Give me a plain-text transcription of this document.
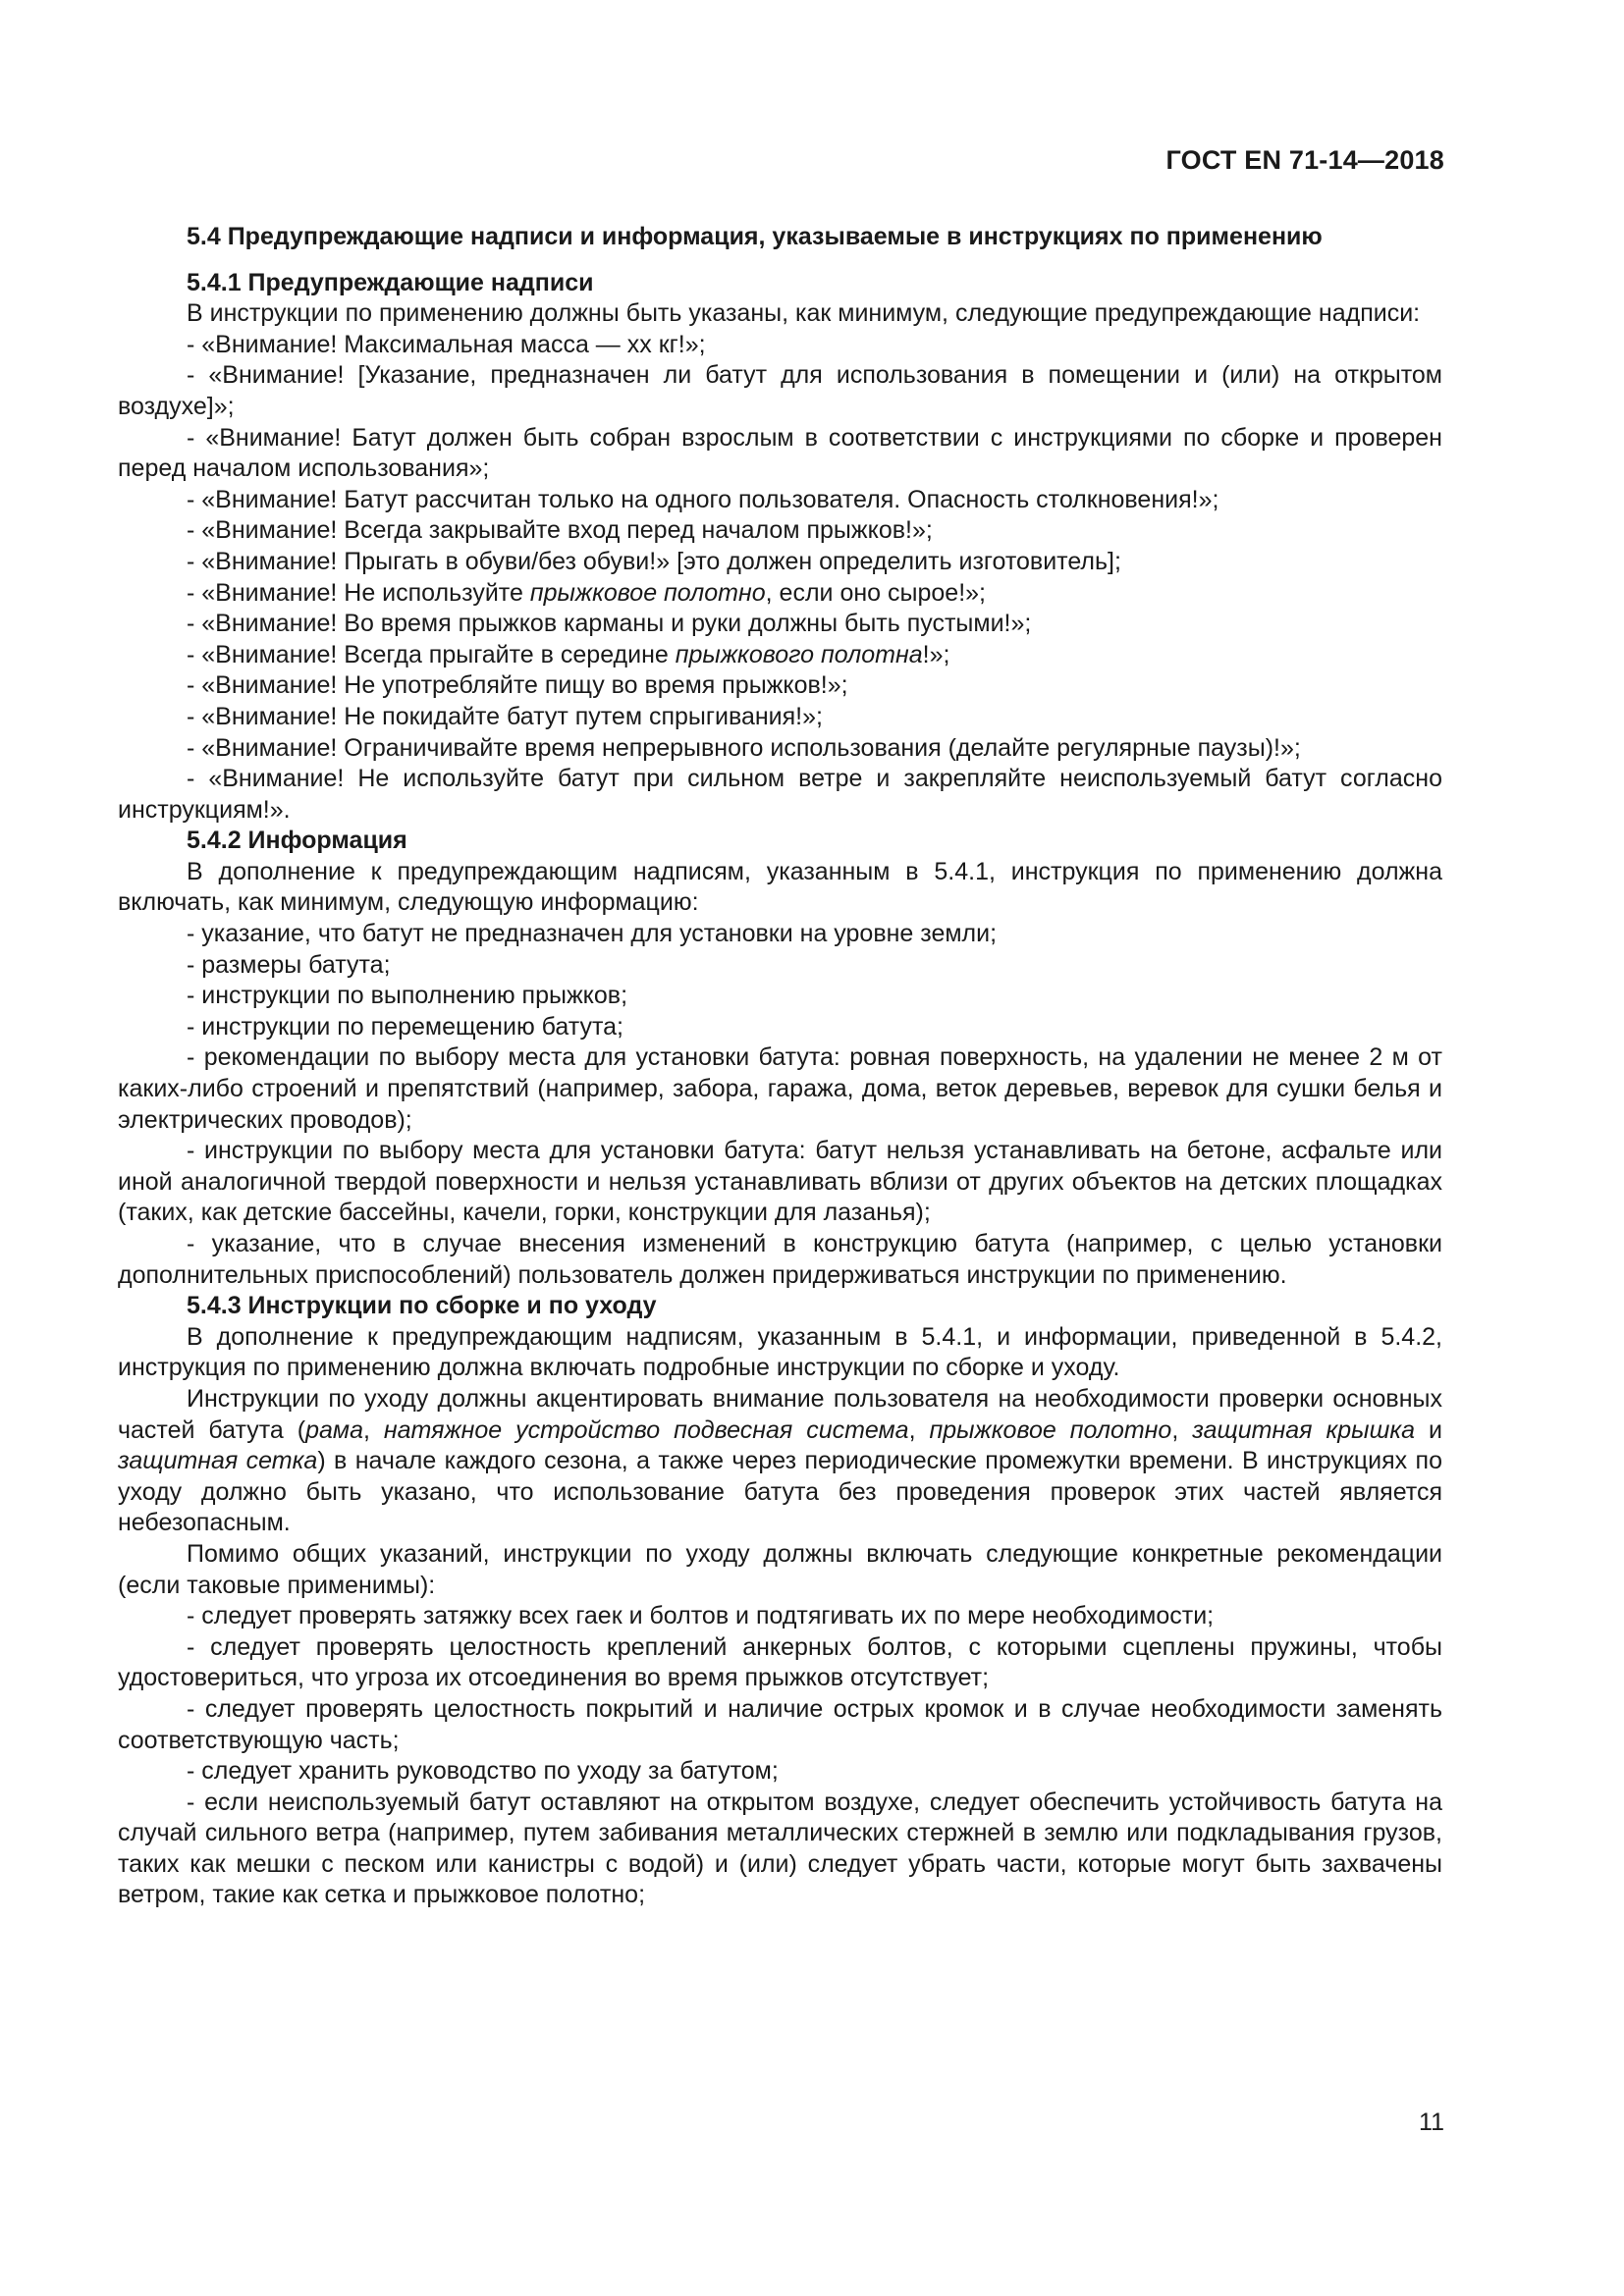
ГОСТ EN 71-14—2018

5.4 Предупреждающие надписи и информация, указываемые в инструкциях по применению

5.4.1 Предупреждающие надписи

В инструкции по применению должны быть указаны, как минимум, следующие предупреждающие надписи:

- «Внимание! Максимальная масса — хх кг!»;

- «Внимание! [Указание, предназначен ли батут для использования в помещении и (или) на открытом воздухе]»;

- «Внимание! Батут должен быть собран взрослым в соответствии с инструкциями по сборке и проверен перед началом использования»;

- «Внимание! Батут рассчитан только на одного пользователя. Опасность столкновения!»;

- «Внимание! Всегда закрывайте вход перед началом прыжков!»;

- «Внимание! Прыгать в обуви/без обуви!» [это должен определить изготовитель];

- «Внимание! Не используйте прыжковое полотно, если оно сырое!»;

- «Внимание! Во время прыжков карманы и руки должны быть пустыми!»;

- «Внимание! Всегда прыгайте в середине прыжкового полотна!»;

- «Внимание! Не употребляйте пищу во время прыжков!»;

- «Внимание! Не покидайте батут путем спрыгивания!»;

- «Внимание! Ограничивайте время непрерывного использования (делайте регулярные паузы)!»;

- «Внимание! Не используйте батут при сильном ветре и закрепляйте неиспользуемый батут согласно инструкциям!».

5.4.2 Информация

В дополнение к предупреждающим надписям, указанным в 5.4.1, инструкция по применению должна включать, как минимум, следующую информацию:

- указание, что батут не предназначен для установки на уровне земли;

- размеры батута;

- инструкции по выполнению прыжков;

- инструкции по перемещению батута;

- рекомендации по выбору места для установки батута: ровная поверхность, на удалении не менее 2 м от каких-либо строений и препятствий (например, забора, гаража, дома, веток деревьев, веревок для сушки белья и электрических проводов);

- инструкции по выбору места для установки батута: батут нельзя устанавливать на бетоне, асфальте или иной аналогичной твердой поверхности и нельзя устанавливать вблизи от других объектов на детских площадках (таких, как детские бассейны, качели, горки, конструкции для лазанья);

- указание, что в случае внесения изменений в конструкцию батута (например, с целью установки дополнительных приспособлений) пользователь должен придерживаться инструкции по применению.

5.4.3 Инструкции по сборке и по уходу

В дополнение к предупреждающим надписям, указанным в 5.4.1, и информации, приведенной в 5.4.2, инструкция по применению должна включать подробные инструкции по сборке и уходу.

Инструкции по уходу должны акцентировать внимание пользователя на необходимости проверки основных частей батута (рама, натяжное устройство подвесная система, прыжковое полотно, защитная крышка и защитная сетка) в начале каждого сезона, а также через периодические промежутки времени. В инструкциях по уходу должно быть указано, что использование батута без проведения проверок этих частей является небезопасным.

Помимо общих указаний, инструкции по уходу должны включать следующие конкретные рекомендации (если таковые применимы):

- следует проверять затяжку всех гаек и болтов и подтягивать их по мере необходимости;

- следует проверять целостность креплений анкерных болтов, с которыми сцеплены пружины, чтобы удостовериться, что угроза их отсоединения во время прыжков отсутствует;

- следует проверять целостность покрытий и наличие острых кромок и в случае необходимости заменять соответствующую часть;

- следует хранить руководство по уходу за батутом;

- если неиспользуемый батут оставляют на открытом воздухе, следует обеспечить устойчивость батута на случай сильного ветра (например, путем забивания металлических стержней в землю или подкладывания грузов, таких как мешки с песком или канистры с водой) и (или) следует убрать части, которые могут быть захвачены ветром, такие как сетка и прыжковое полотно;

11
